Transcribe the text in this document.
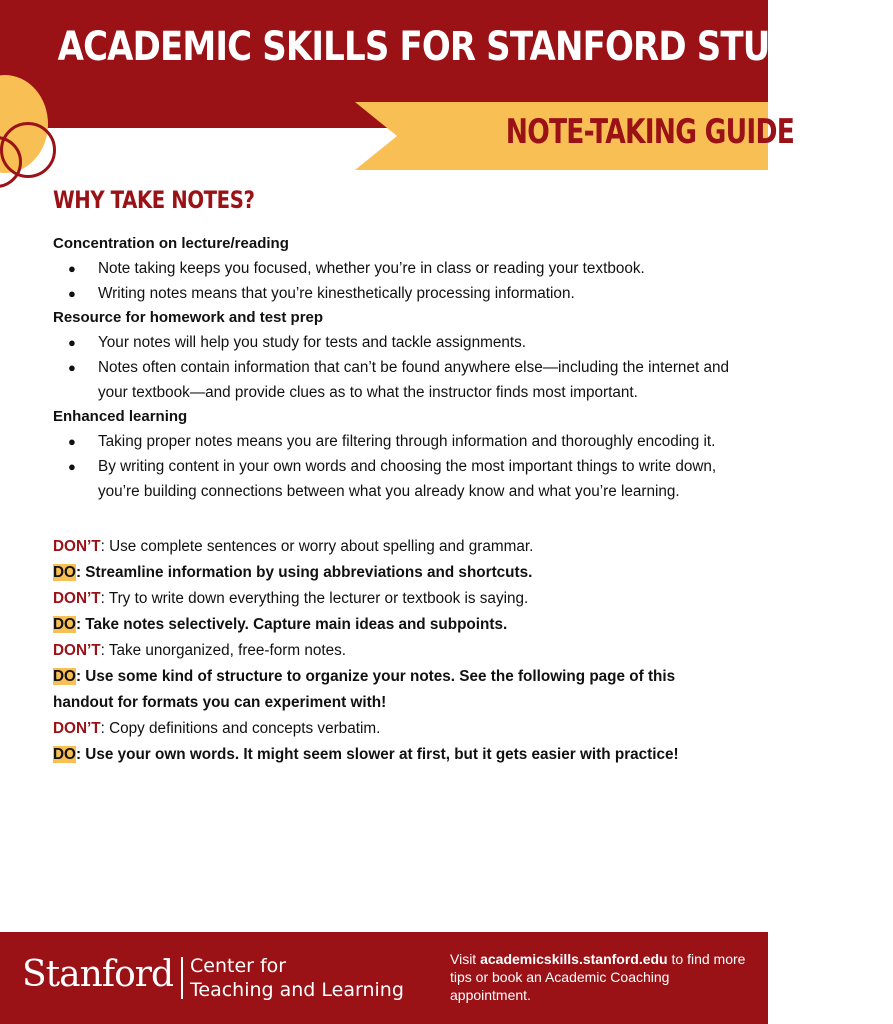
ACADEMIC SKILLS FOR STANFORD STUDENTS
NOTE-TAKING GUIDE
WHY TAKE NOTES?
Concentration on lecture/reading
● Note taking keeps you focused, whether you’re in class or reading your textbook.
● Writing notes means that you’re kinesthetically processing information.
Resource for homework and test prep
● Your notes will help you study for tests and tackle assignments.
● Notes often contain information that can’t be found anywhere else—including the internet and your textbook—and provide clues as to what the instructor finds most important.
Enhanced learning
● Taking proper notes means you are filtering through information and thoroughly encoding it.
● By writing content in your own words and choosing the most important things to write down, you’re building connections between what you already know and what you’re learning.
DON’T: Use complete sentences or worry about spelling and grammar.
DO: Streamline information by using abbreviations and shortcuts.
DON’T: Try to write down everything the lecturer or textbook is saying.
DO: Take notes selectively. Capture main ideas and subpoints.
DON’T: Take unorganized, free-form notes.
DO: Use some kind of structure to organize your notes. See the following page of this handout for formats you can experiment with!
DON’T: Copy definitions and concepts verbatim.
DO: Use your own words. It might seem slower at first, but it gets easier with practice!
Stanford Center for
Teaching and Learning
Visit academicskills.stanford.edu to find more tips or book an Academic Coaching appointment.
